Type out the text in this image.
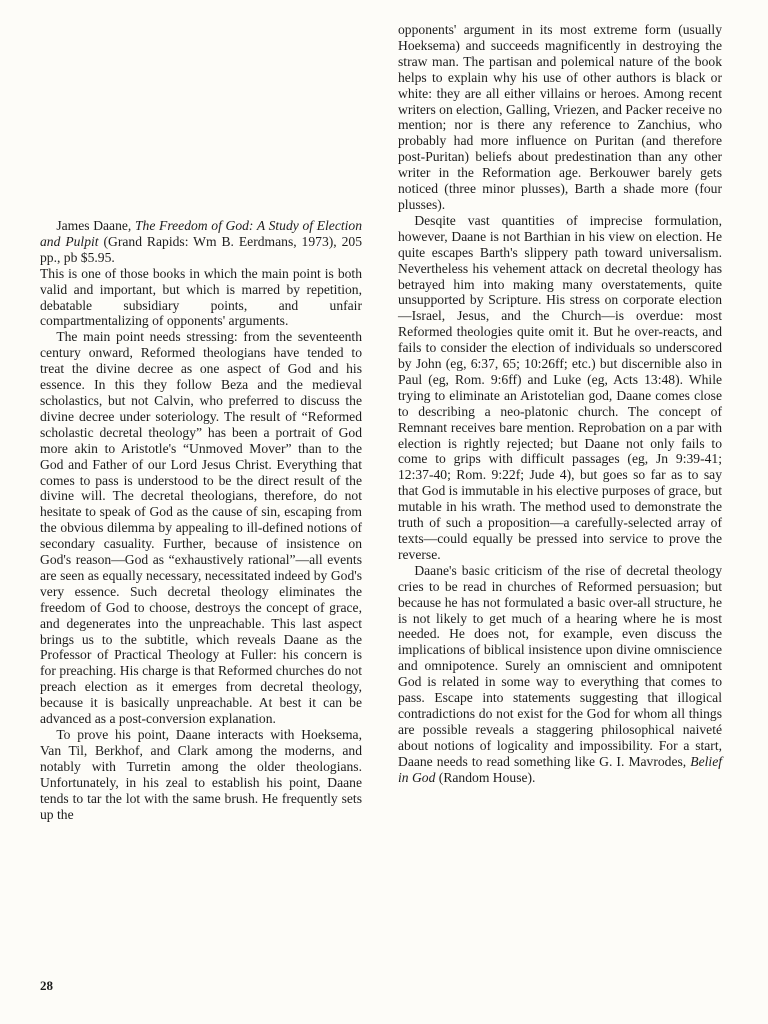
James Daane, The Freedom of God: A Study of Election and Pulpit (Grand Rapids: Wm B. Eerdmans, 1973), 205 pp., pb $5.95.

This is one of those books in which the main point is both valid and important, but which is marred by repetition, debatable subsidiary points, and unfair compartmentalizing of opponents' arguments.

The main point needs stressing: from the seventeenth century onward, Reformed theologians have tended to treat the divine decree as one aspect of God and his essence. In this they follow Beza and the medieval scholastics, but not Calvin, who preferred to discuss the divine decree under soteriology. The result of “Reformed scholastic decretal theology” has been a portrait of God more akin to Aristotle's “Unmoved Mover” than to the God and Father of our Lord Jesus Christ. Everything that comes to pass is understood to be the direct result of the divine will. The decretal theologians, therefore, do not hesitate to speak of God as the cause of sin, escaping from the obvious dilemma by appealing to ill-defined notions of secondary casuality. Further, because of insistence on God's reason—God as “exhaustively rational”—all events are seen as equally necessary, necessitated indeed by God's very essence. Such decretal theology eliminates the freedom of God to choose, destroys the concept of grace, and degenerates into the unpreachable. This last aspect brings us to the subtitle, which reveals Daane as the Professor of Practical Theology at Fuller: his concern is for preaching. His charge is that Reformed churches do not preach election as it emerges from decretal theology, because it is basically unpreachable. At best it can be advanced as a post-conversion explanation.

To prove his point, Daane interacts with Hoeksema, Van Til, Berkhof, and Clark among the moderns, and notably with Turretin among the older theologians. Unfortunately, in his zeal to establish his point, Daane tends to tar the lot with the same brush. He frequently sets up the

opponents' argument in its most extreme form (usually Hoeksema) and succeeds magnificently in destroying the straw man. The partisan and polemical nature of the book helps to explain why his use of other authors is black or white: they are all either villains or heroes. Among recent writers on election, Galling, Vriezen, and Packer receive no mention; nor is there any reference to Zanchius, who probably had more influence on Puritan (and therefore post-Puritan) beliefs about predestination than any other writer in the Reformation age. Berkouwer barely gets noticed (three minor plusses), Barth a shade more (four plusses).

Desqite vast quantities of imprecise formulation, however, Daane is not Barthian in his view on election. He quite escapes Barth's slippery path toward universalism. Nevertheless his vehement attack on decretal theology has betrayed him into making many overstatements, quite unsupported by Scripture. His stress on corporate election—Israel, Jesus, and the Church—is overdue: most Reformed theologies quite omit it. But he over-reacts, and fails to consider the election of individuals so underscored by John (eg, 6:37, 65; 10:26ff; etc.) but discernible also in Paul (eg, Rom. 9:6ff) and Luke (eg, Acts 13:48). While trying to eliminate an Aristotelian god, Daane comes close to describing a neo-platonic church. The concept of Remnant receives bare mention. Reprobation on a par with election is rightly rejected; but Daane not only fails to come to grips with difficult passages (eg, Jn 9:39-41; 12:37-40; Rom. 9:22f; Jude 4), but goes so far as to say that God is immutable in his elective purposes of grace, but mutable in his wrath. The method used to demonstrate the truth of such a proposition—a carefully-selected array of texts—could equally be pressed into service to prove the reverse.

Daane's basic criticism of the rise of decretal theology cries to be read in churches of Reformed persuasion; but because he has not formulated a basic over-all structure, he is not likely to get much of a hearing where he is most needed. He does not, for example, even discuss the implications of biblical insistence upon divine omniscience and omnipotence. Surely an omniscient and omnipotent God is related in some way to everything that comes to pass. Escape into statements suggesting that illogical contradictions do not exist for the God for whom all things are possible reveals a staggering philosophical naiveté about notions of logicality and impossibility. For a start, Daane needs to read something like G. I. Mavrodes, Belief in God (Random House).

28
